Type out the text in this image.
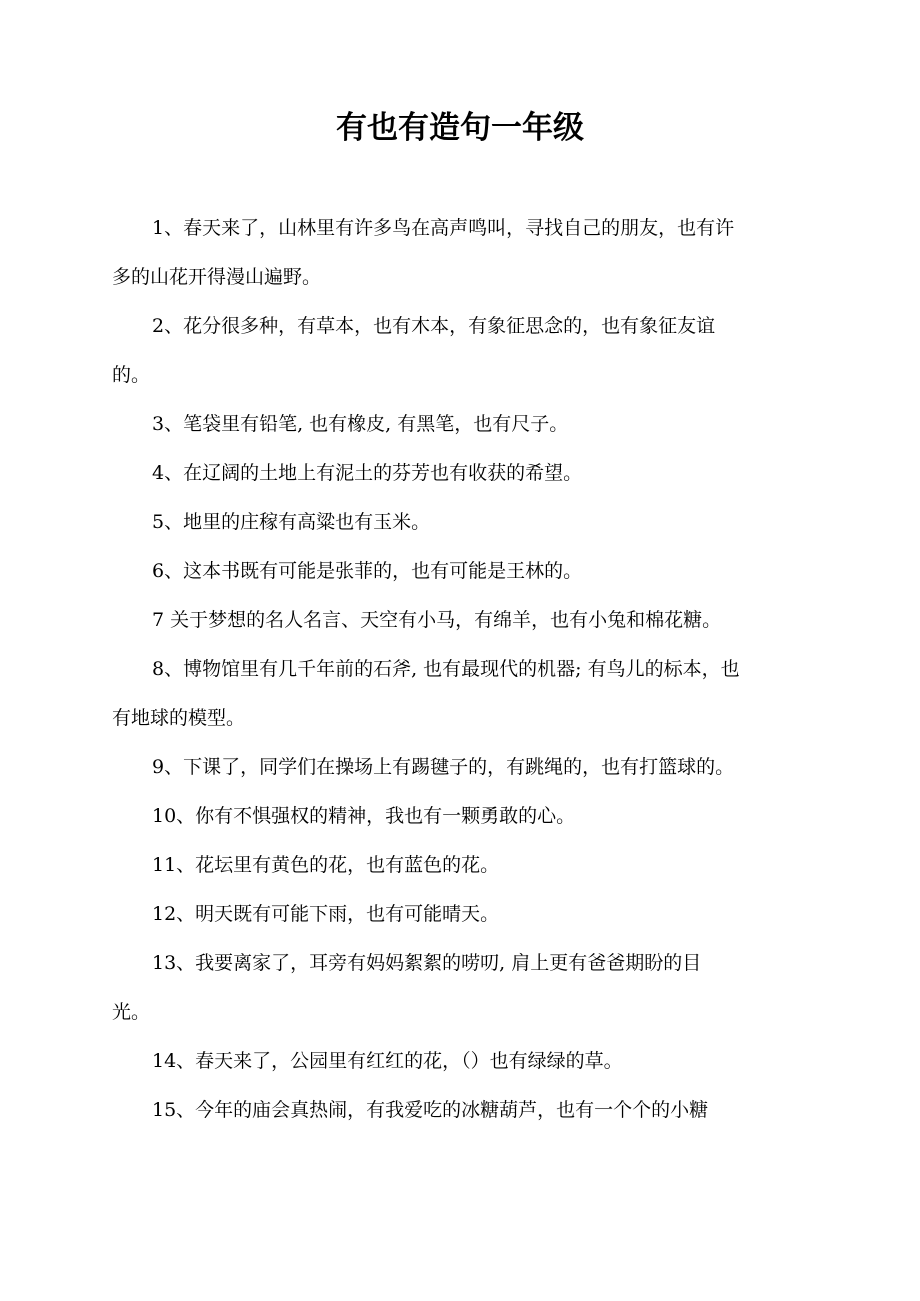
有也有造句一年级

1、春天来了，山林里有许多鸟在高声鸣叫，寻找自己的朋友，也有许
多的山花开得漫山遍野。

2、花分很多种，有草本，也有木本，有象征思念的，也有象征友谊
的。

3、笔袋里有铅笔, 也有橡皮, 有黑笔，也有尺子。

4、在辽阔的土地上有泥土的芬芳也有收获的希望。

5、地里的庄稼有高粱也有玉米。

6、这本书既有可能是张菲的，也有可能是王林的。

7 关于梦想的名人名言、天空有小马，有绵羊，也有小兔和棉花糖。

8、博物馆里有几千年前的石斧, 也有最现代的机器; 有鸟儿的标本，也
有地球的模型。

9、下课了，同学们在操场上有踢毽子的，有跳绳的，也有打篮球的。

10、你有不惧强权的精神，我也有一颗勇敢的心。

11、花坛里有黄色的花，也有蓝色的花。

12、明天既有可能下雨，也有可能晴天。

13、我要离家了，耳旁有妈妈絮絮的唠叨, 肩上更有爸爸期盼的目
光。

14、春天来了，公园里有红红的花，（）也有绿绿的草。

15、今年的庙会真热闹，有我爱吃的冰糖葫芦，也有一个个的小糖
